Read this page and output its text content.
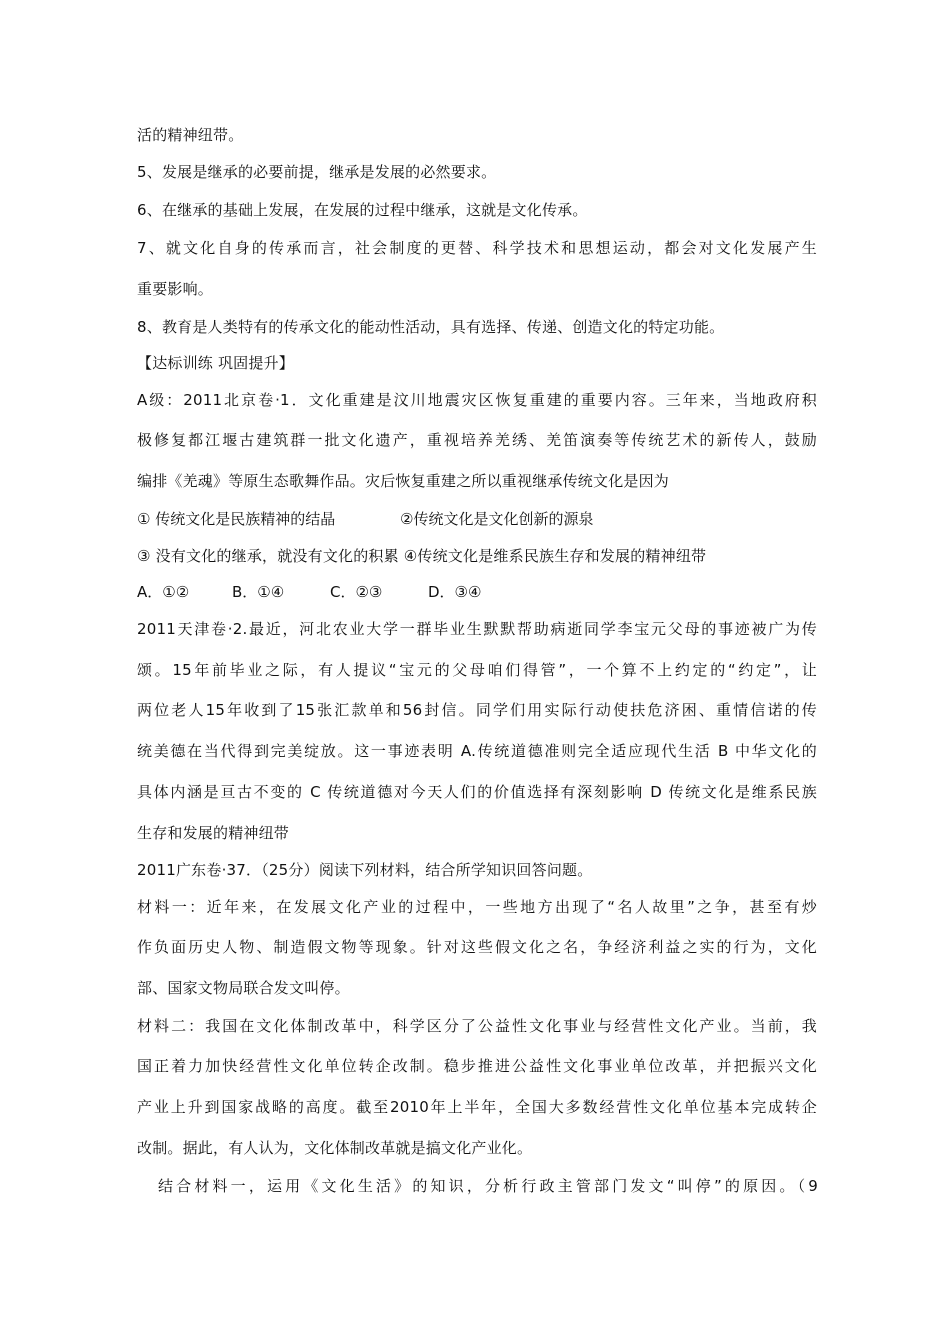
活的精神纽带。
5、发展是继承的必要前提，继承是发展的必然要求。
6、在继承的基础上发展，在发展的过程中继承，这就是文化传承。
7、就文化自身的传承而言，社会制度的更替、科学技术和思想运动，都会对文化发展产生
重要影响。
8、教育是人类特有的传承文化的能动性活动，具有选择、传递、创造文化的特定功能。
【达标训练 巩固提升】
A级：2011北京卷·1．文化重建是汶川地震灾区恢复重建的重要内容。三年来，当地政府积
极修复都江堰古建筑群一批文化遗产，重视培养羌绣、羌笛演奏等传统艺术的新传人，鼓励
编排《羌魂》等原生态歌舞作品。灾后恢复重建之所以重视继承传统文化是因为
① 传统文化是民族精神的结晶	②传统文化是文化创新的源泉
③ 没有文化的继承，就没有文化的积累 ④传统文化是维系民族生存和发展的精神纽带
A．①②	B．①④	C．②③	D．③④
2011天津卷·2.最近，河北农业大学一群毕业生默默帮助病逝同学李宝元父母的事迹被广为传
颂。15年前毕业之际，有人提议“宝元的父母咱们得管”，一个算不上约定的“约定”，让
两位老人15年收到了15张汇款单和56封信。同学们用实际行动使扶危济困、重情信诺的传
统美德在当代得到完美绽放。这一事迹表明 A.传统道德准则完全适应现代生活 B 中华文化的
具体内涵是亘古不变的 C 传统道德对今天人们的价值选择有深刻影响 D 传统文化是维系民族
生存和发展的精神纽带
2011广东卷·37．（25分）阅读下列材料，结合所学知识回答问题。
材料一：近年来，在发展文化产业的过程中，一些地方出现了“名人故里”之争，甚至有炒
作负面历史人物、制造假文物等现象。针对这些假文化之名，争经济利益之实的行为，文化
部、国家文物局联合发文叫停。
材料二：我国在文化体制改革中，科学区分了公益性文化事业与经营性文化产业。当前，我
国正着力加快经营性文化单位转企改制。稳步推进公益性文化事业单位改革，并把振兴文化
产业上升到国家战略的高度。截至2010年上半年，全国大多数经营性文化单位基本完成转企
改制。据此，有人认为，文化体制改革就是搞文化产业化。
结合材料一，运用《文化生活》的知识，分析行政主管部门发文“叫停”的原因。（9
